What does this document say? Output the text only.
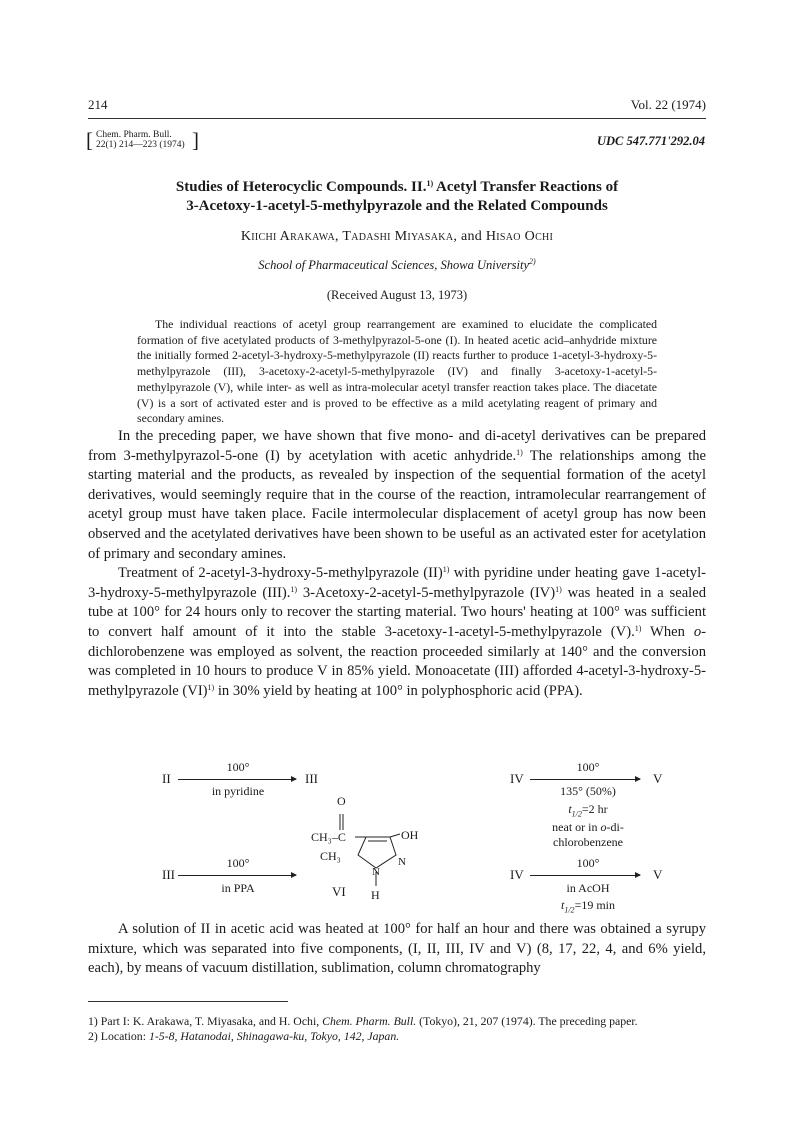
214	Vol. 22 (1974)
[ Chem. Pharm. Bull.
22(1) 214—223 (1974) ]	UDC 547.771'292.04
Studies of Heterocyclic Compounds. II.$^{1)}$ Acetyl Transfer Reactions of
3-Acetoxy-1-acetyl-5-methylpyrazole and the Related Compounds
Kiichi Arakawa, Tadashi Miyasaka, and Hisao Ochi
School of Pharmaceutical Sciences, Showa University$^{2)}$
(Received August 13, 1973)
The individual reactions of acetyl group rearrangement are examined to elucidate the complicated formation of five acetylated products of 3-methylpyrazol-5-one (I). In heated acetic acid–anhydride mixture the initially formed 2-acetyl-3-hydroxy-5-methylpyrazole (II) reacts further to produce 1-acetyl-3-hydroxy-5-methylpyrazole (III), 3-acetoxy-2-acetyl-5-methylpyrazole (IV) and finally 3-acetoxy-1-acetyl-5-methylpyrazole (V), while inter- as well as intra-molecular acetyl transfer reaction takes place. The diacetate (V) is a sort of activated ester and is proved to be effective as a mild acetylating reagent of primary and secondary amines.

In the preceding paper, we have shown that five mono- and di-acetyl derivatives can be prepared from 3-methylpyrazol-5-one (I) by acetylation with acetic anhydride.$^{1)}$ The relationships among the starting material and the products, as revealed by inspection of the sequential formation of the acetyl derivatives, would seemingly require that in the course of the reaction, intramolecular rearrangement of acetyl group must have taken place. Facile intermolecular displacement of acetyl group has now been observed and the acetylated derivatives have been shown to be useful as an activated ester for acetylation of primary and secondary amines.

Treatment of 2-acetyl-3-hydroxy-5-methylpyrazole (II)$^{1)}$ with pyridine under heating gave 1-acetyl-3-hydroxy-5-methylpyrazole (III).$^{1)}$ 3-Acetoxy-2-acetyl-5-methylpyrazole (IV)$^{1)}$ was heated in a sealed tube at 100° for 24 hours only to recover the starting material. Two hours' heating at 100° was sufficient to convert half amount of it into the stable 3-acetoxy-1-acetyl-5-methylpyrazole (V).$^{1)}$ When o-dichlorobenzene was employed as solvent, the reaction proceeded similarly at 140° and the conversion was completed in 10 hours to produce V in 85% yield. Monoacetate (III) afforded 4-acetyl-3-hydroxy-5-methylpyrazole (VI)$^{1)}$ in 30% yield by heating at 100° in polyphosphoric acid (PPA).

100°
II	III
in pyridine
100°
III
in PPA
O
CH₃–C	OH
CH₃	N
N
H
VI
100°
IV	V
135° (50%)
$t_{1/2}=2$ hr
neat or in o-di-
chlorobenzene
100°
IV	V
in AcOH
$t_{1/2}=19$ min

A solution of II in acetic acid was heated at 100° for half an hour and there was obtained a syrupy mixture, which was separated into five components, (I, II, III, IV and V) (8, 17, 22, 4, and 6% yield, each), by means of vacuum distillation, sublimation, column chromatography

1) Part I: K. Arakawa, T. Miyasaka, and H. Ochi, Chem. Pharm. Bull. (Tokyo), 21, 207 (1974). The preceding paper.
2) Location: 1-5-8, Hatanodai, Shinagawa-ku, Tokyo, 142, Japan.
